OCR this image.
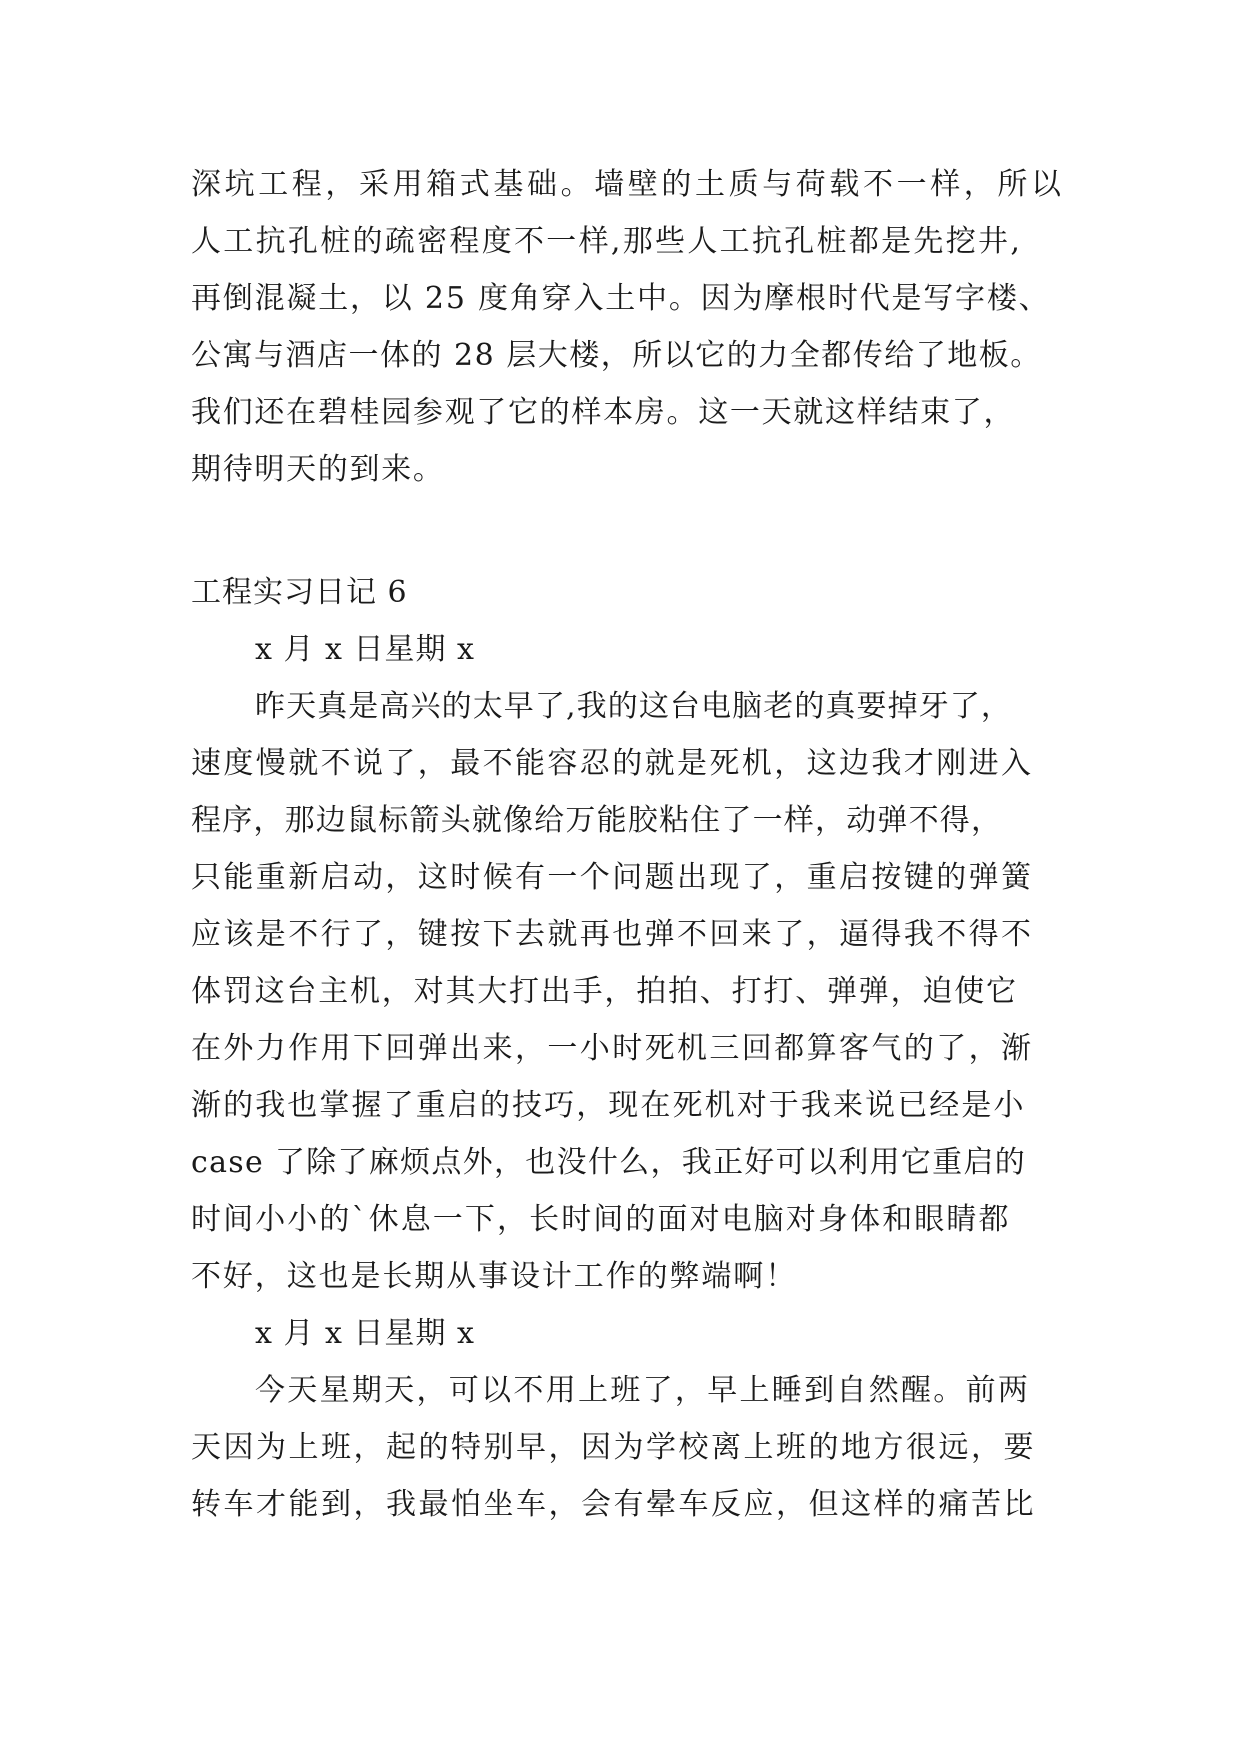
深坑工程，采用箱式基础。墙壁的土质与荷载不一样，所以
人工抗孔桩的疏密程度不一样,那些人工抗孔桩都是先挖井,
再倒混凝土，以 25 度角穿入土中。因为摩根时代是写字楼、
公寓与酒店一体的 28 层大楼，所以它的力全都传给了地板。
我们还在碧桂园参观了它的样本房。这一天就这样结束了，
期待明天的到来。
工程实习日记 6
x 月 x 日星期 x
昨天真是高兴的太早了,我的这台电脑老的真要掉牙了，
速度慢就不说了，最不能容忍的就是死机，这边我才刚进入
程序，那边鼠标箭头就像给万能胶粘住了一样，动弹不得，
只能重新启动，这时候有一个问题出现了，重启按键的弹簧
应该是不行了，键按下去就再也弹不回来了，逼得我不得不
体罚这台主机，对其大打出手，拍拍、打打、弹弹，迫使它
在外力作用下回弹出来，一小时死机三回都算客气的了，渐
渐的我也掌握了重启的技巧，现在死机对于我来说已经是小
case 了除了麻烦点外，也没什么，我正好可以利用它重启的
时间小小的`休息一下，长时间的面对电脑对身体和眼睛都
不好，这也是长期从事设计工作的弊端啊！
x 月 x 日星期 x
今天星期天，可以不用上班了，早上睡到自然醒。前两
天因为上班，起的特别早，因为学校离上班的地方很远，要
转车才能到，我最怕坐车，会有晕车反应，但这样的痛苦比
